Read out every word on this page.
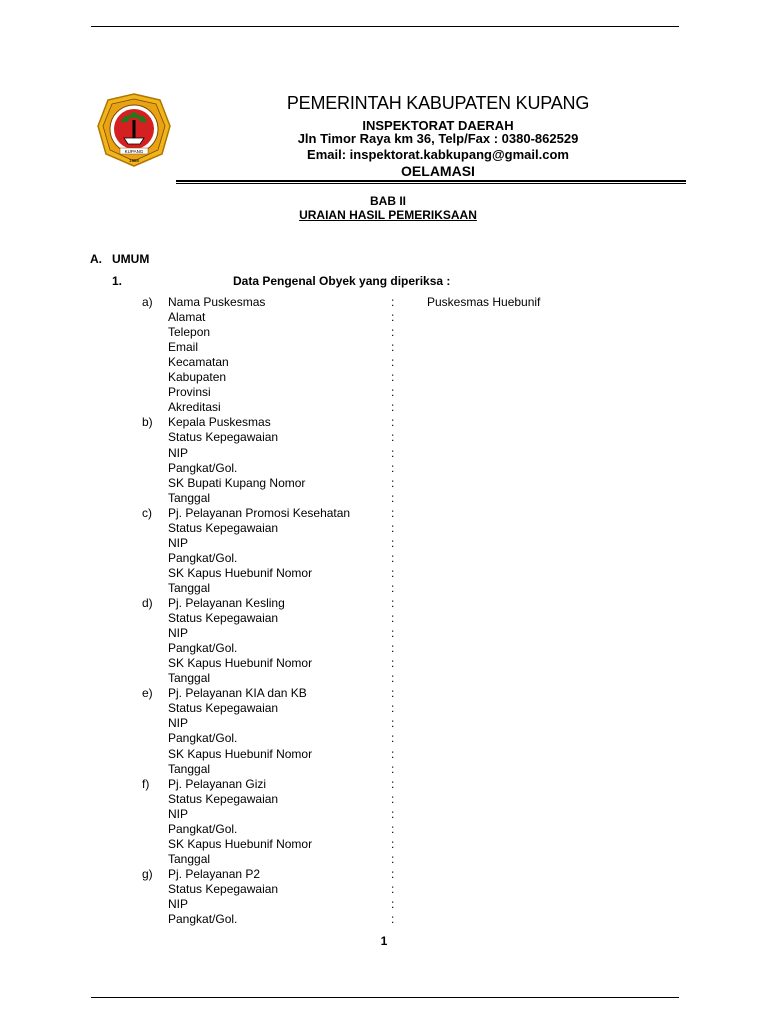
KUPANG
1958
PEMERINTAH KABUPATEN KUPANG
INSPEKTORAT DAERAH
Jln Timor Raya km 36, Telp/Fax : 0380-862529
Email: inspektorat.kabkupang@gmail.com
OELAMASI
BAB II
URAIAN HASIL PEMERIKSAAN
A. UMUM
1.	Data Pengenal Obyek yang diperiksa :
a) Nama Puskesmas	:	Puskesmas Huebunif
Alamat	:
Telepon	:
Email	:
Kecamatan	:
Kabupaten	:
Provinsi	:
Akreditasi	:
b) Kepala Puskesmas	:
Status Kepegawaian	:
NIP	:
Pangkat/Gol.	:
SK Bupati Kupang Nomor	:
Tanggal	:
c) Pj. Pelayanan Promosi Kesehatan	:
Status Kepegawaian	:
NIP	:
Pangkat/Gol.	:
SK Kapus Huebunif Nomor	:
Tanggal	:
d) Pj. Pelayanan Kesling	:
Status Kepegawaian	:
NIP	:
Pangkat/Gol.	:
SK Kapus Huebunif Nomor	:
Tanggal	:
e) Pj. Pelayanan KIA dan KB	:
Status Kepegawaian	:
NIP	:
Pangkat/Gol.	:
SK Kapus Huebunif Nomor	:
Tanggal	:
f) Pj. Pelayanan Gizi	:
Status Kepegawaian	:
NIP	:
Pangkat/Gol.	:
SK Kapus Huebunif Nomor	:
Tanggal	:
g) Pj. Pelayanan P2	:
Status Kepegawaian	:
NIP	:
Pangkat/Gol.	:
1
